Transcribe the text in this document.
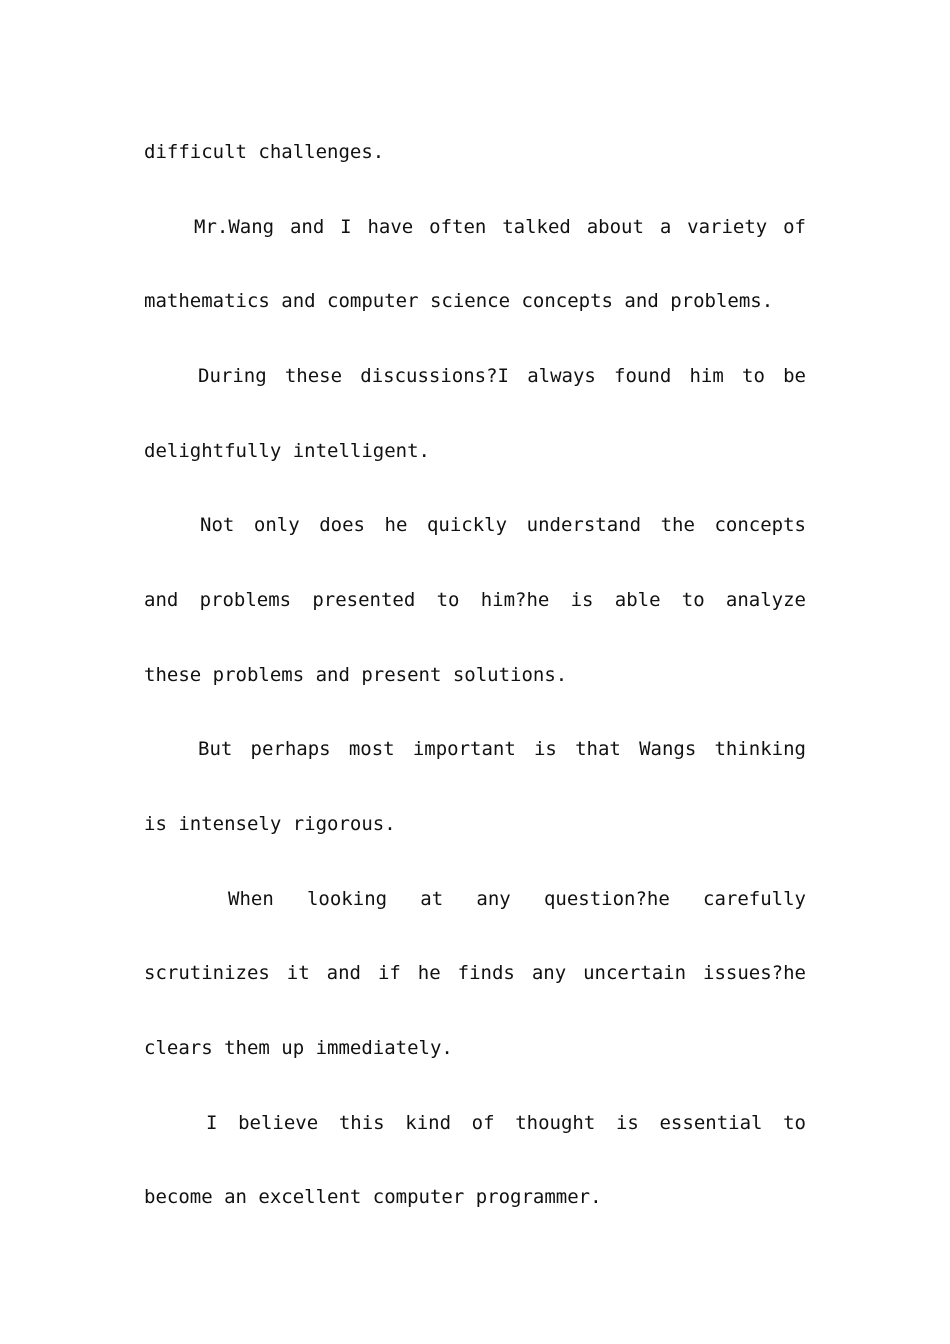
difficult challenges.
Mr.Wang and I have often talked about a variety of
mathematics and computer science concepts and problems.
During these discussions?I always found him to be
delightfully intelligent.
Not only does he quickly understand the concepts
and problems presented to him?he is able to analyze
these problems and present solutions.
But perhaps most important is that Wangs thinking
is intensely rigorous.
When looking at any question?he carefully
scrutinizes it and if he finds any uncertain issues?he
clears them up immediately.
I believe this kind of thought is essential to
become an excellent computer programmer.
